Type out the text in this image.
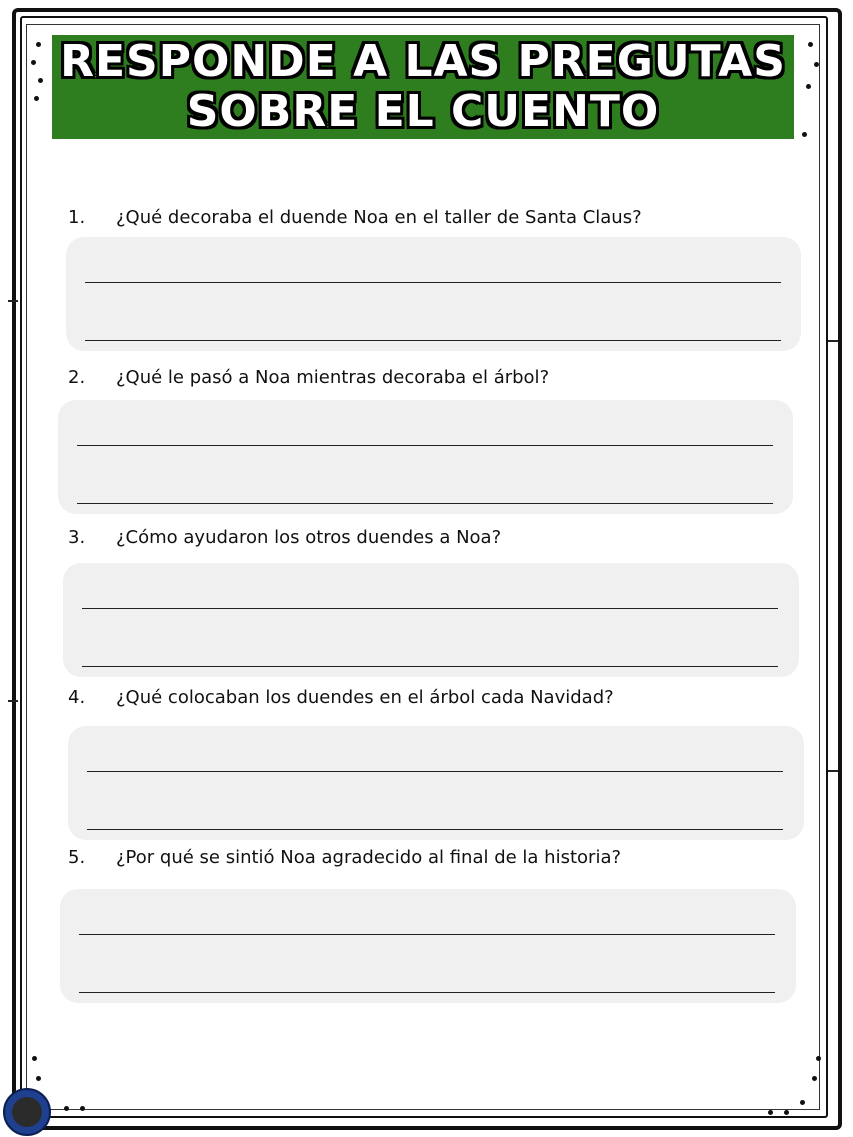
RESPONDE A LAS PREGUTAS
SOBRE EL CUENTO
1. ¿Qué decoraba el duende Noa en el taller de Santa Claus?
2. ¿Qué le pasó a Noa mientras decoraba el árbol?
3. ¿Cómo ayudaron los otros duendes a Noa?
4. ¿Qué colocaban los duendes en el árbol cada Navidad?
5. ¿Por qué se sintió Noa agradecido al final de la historia?
